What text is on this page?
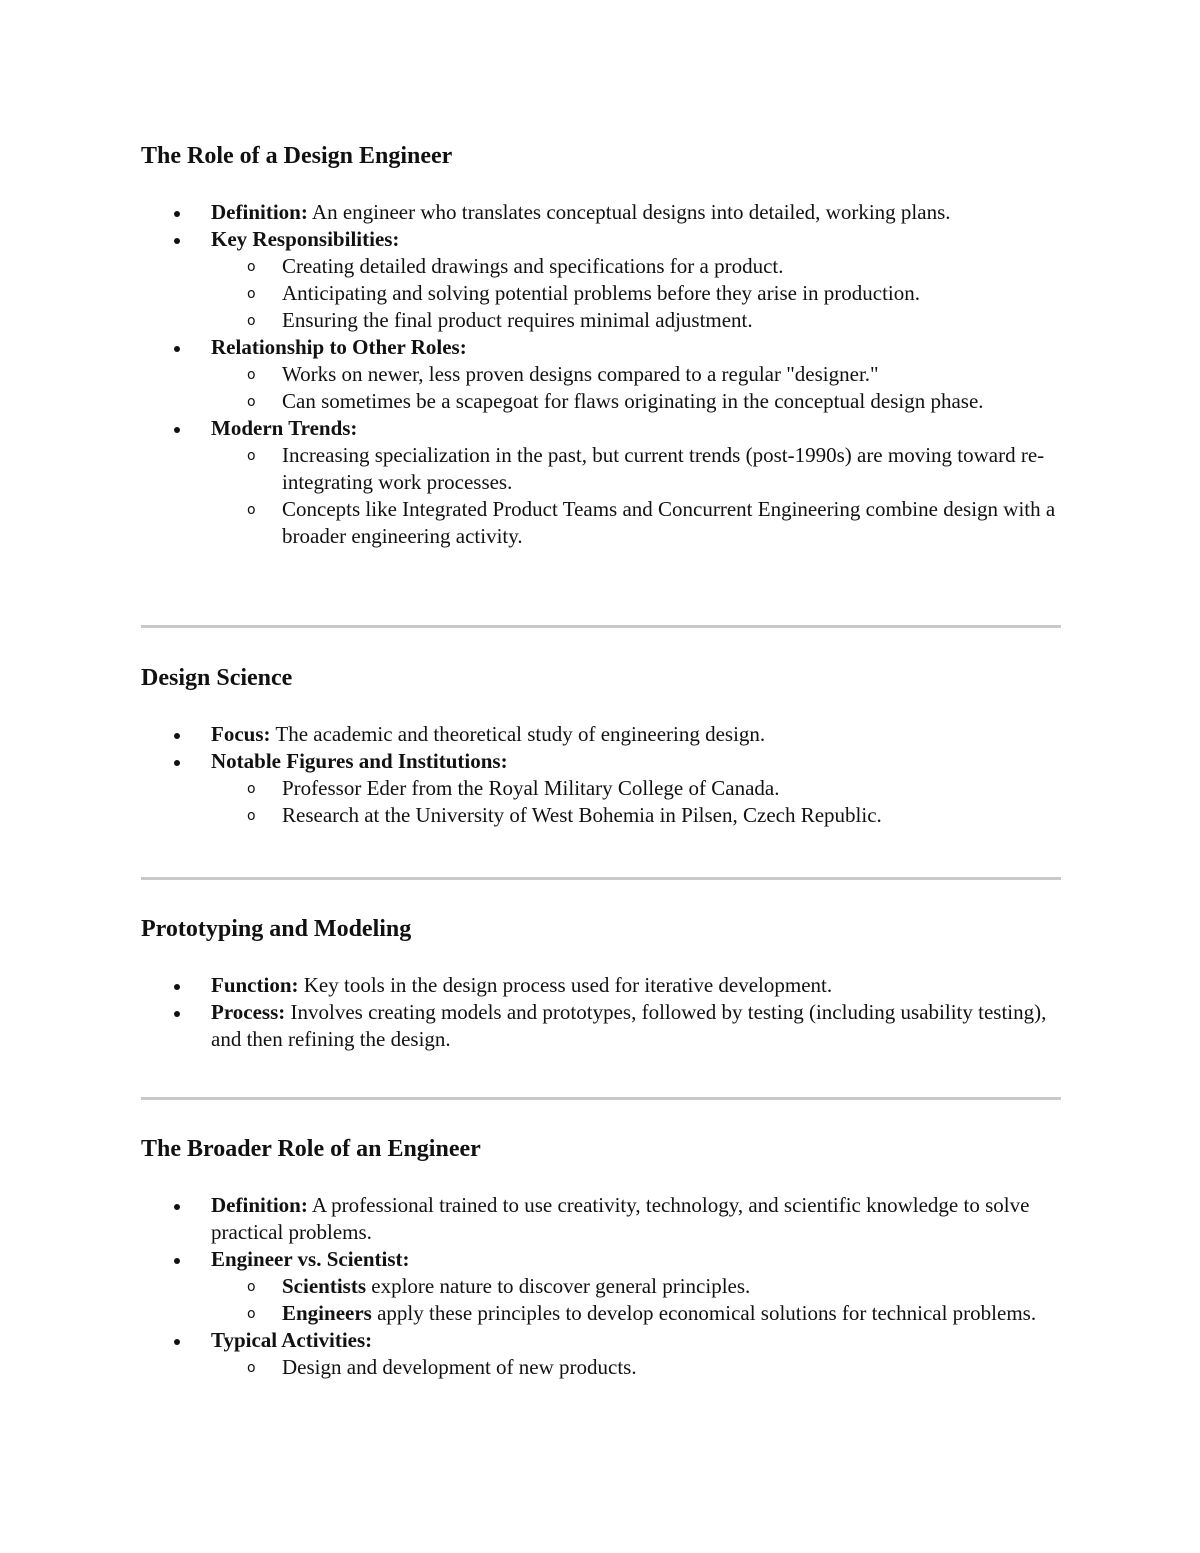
The Role of a Design Engineer
Definition: An engineer who translates conceptual designs into detailed, working plans.
Key Responsibilities:
o Creating detailed drawings and specifications for a product.
o Anticipating and solving potential problems before they arise in production.
o Ensuring the final product requires minimal adjustment.
Relationship to Other Roles:
o Works on newer, less proven designs compared to a regular "designer."
o Can sometimes be a scapegoat for flaws originating in the conceptual design phase.
Modern Trends:
o Increasing specialization in the past, but current trends (post-1990s) are moving toward re-integrating work processes.
o Concepts like Integrated Product Teams and Concurrent Engineering combine design with a broader engineering activity.
Design Science
Focus: The academic and theoretical study of engineering design.
Notable Figures and Institutions:
o Professor Eder from the Royal Military College of Canada.
o Research at the University of West Bohemia in Pilsen, Czech Republic.
Prototyping and Modeling
Function: Key tools in the design process used for iterative development.
Process: Involves creating models and prototypes, followed by testing (including usability testing), and then refining the design.
The Broader Role of an Engineer
Definition: A professional trained to use creativity, technology, and scientific knowledge to solve practical problems.
Engineer vs. Scientist:
o Scientists explore nature to discover general principles.
o Engineers apply these principles to develop economical solutions for technical problems.
Typical Activities:
o Design and development of new products.
